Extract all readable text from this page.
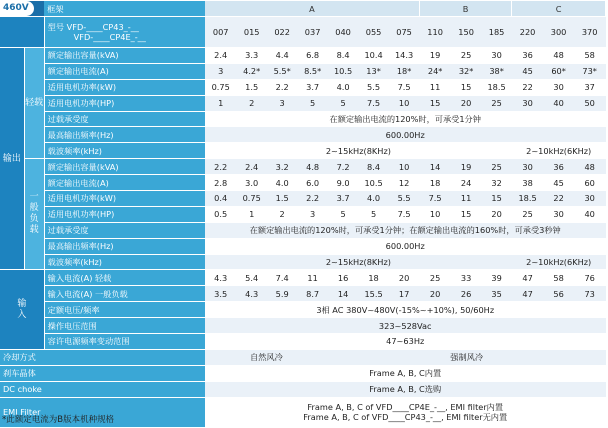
460V		框架	A							B			C		
		型号 VFD-____CP43_-__
VFD-____CP4E_-__	007	015	022	037	040	055	075	110	150	185	220	300	370
输出	轻载	额定输出容量(kVA)	2.4	3.3	4.4	6.8	8.4	10.4	14.3	19	25	30	36	48	58
		额定输出电流(A)	3	4.2*	5.5*	8.5*	10.5	13*	18*	24*	32*	38*	45	60*	73*
		适用电机功率(kW)	0.75	1.5	2.2	3.7	4.0	5.5	7.5	11	15	18.5	22	30	37
		适用电机功率(HP)	1	2	3	5	5	7.5	10	15	20	25	30	40	50
		过载承受度	在额定输出电流的120%时，可承受1分钟												
		最高输出频率(Hz)	600.00Hz												
		载波频率(kHz)	2~15kHz(8KHz)										2~10kHz(6KHz)		
	一般负载	额定输出容量(kVA)	2.2	2.4	3.2	4.8	7.2	8.4	10	14	19	25	30	36	48
		额定输出电流(A)	2.8	3.0	4.0	6.0	9.0	10.5	12	18	24	32	38	45	60
		适用电机功率(kW)	0.4	0.75	1.5	2.2	3.7	4.0	5.5	7.5	11	15	18.5	22	30
		适用电机功率(HP)	0.5	1	2	3	5	5	7.5	10	15	20	25	30	40
		过载承受度	在额定输出电流的120%时，可承受1分钟；在额定输出电流的160%时，可承受3秒钟												
		最高输出频率(Hz)	600.00Hz												
		载波频率(kHz)	2~15kHz(8KHz)										2~10kHz(6KHz)		
输入		输入电流(A) 轻载	4.3	5.4	7.4	11	16	18	20	25	33	39	47	58	76
		输入电流(A) 一般负载	3.5	4.3	5.9	8.7	14	15.5	17	20	26	35	47	56	73
		定额电压/频率	3相 AC 380V~480V(-15%~+10%), 50/60Hz												
		操作电压范围	323~528Vac												
		容许电源频率变动范围	47~63Hz												
冷却方式			自然风冷				强制风冷								
刹车晶体			Frame A, B, C内置												
DC choke			Frame A, B, C选购												
EMI Filter			Frame A, B, C of VFD____CP4E_-__, EMI filter内置
Frame A, B, C of VFD____CP43_-__, EMI filter无内置												
*此额定电流为B版本机种规格
